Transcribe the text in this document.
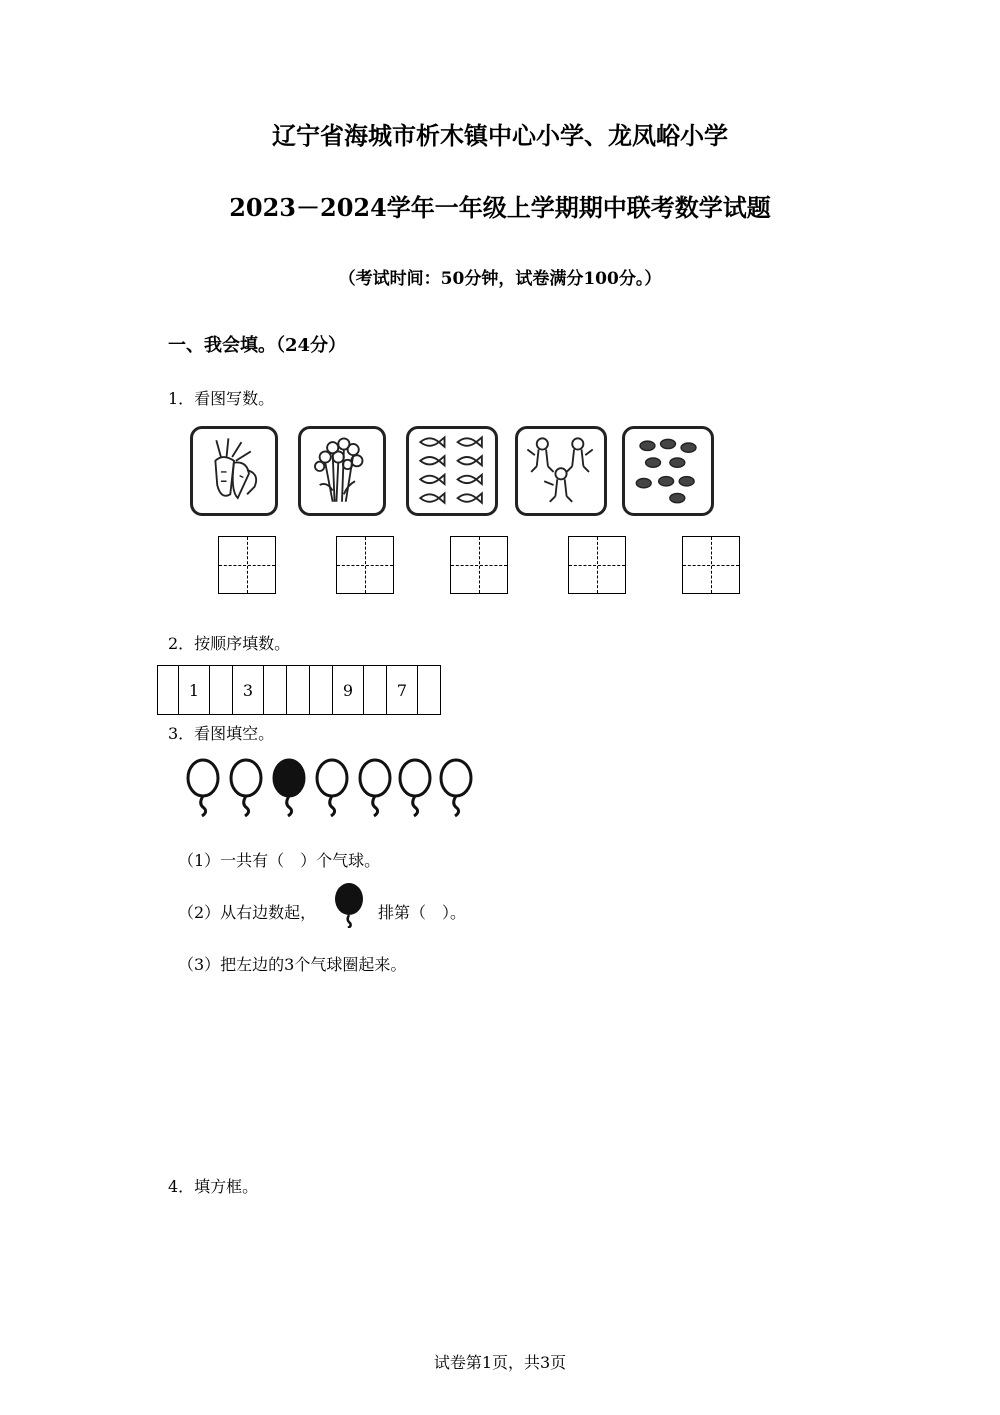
辽宁省海城市析木镇中心小学、龙凤峪小学
2023－2024学年一年级上学期期中联考数学试题
（考试时间：50分钟，试卷满分100分。）
一、我会填。（24分）
1．看图写数。
2．按顺序填数。
	1		3				9		7	
3．看图填空。
（1）一共有（　）个气球。
（2）从右边数起，	排第（　）。
（3）把左边的3个气球圈起来。
4．填方框。
试卷第1页，共3页
